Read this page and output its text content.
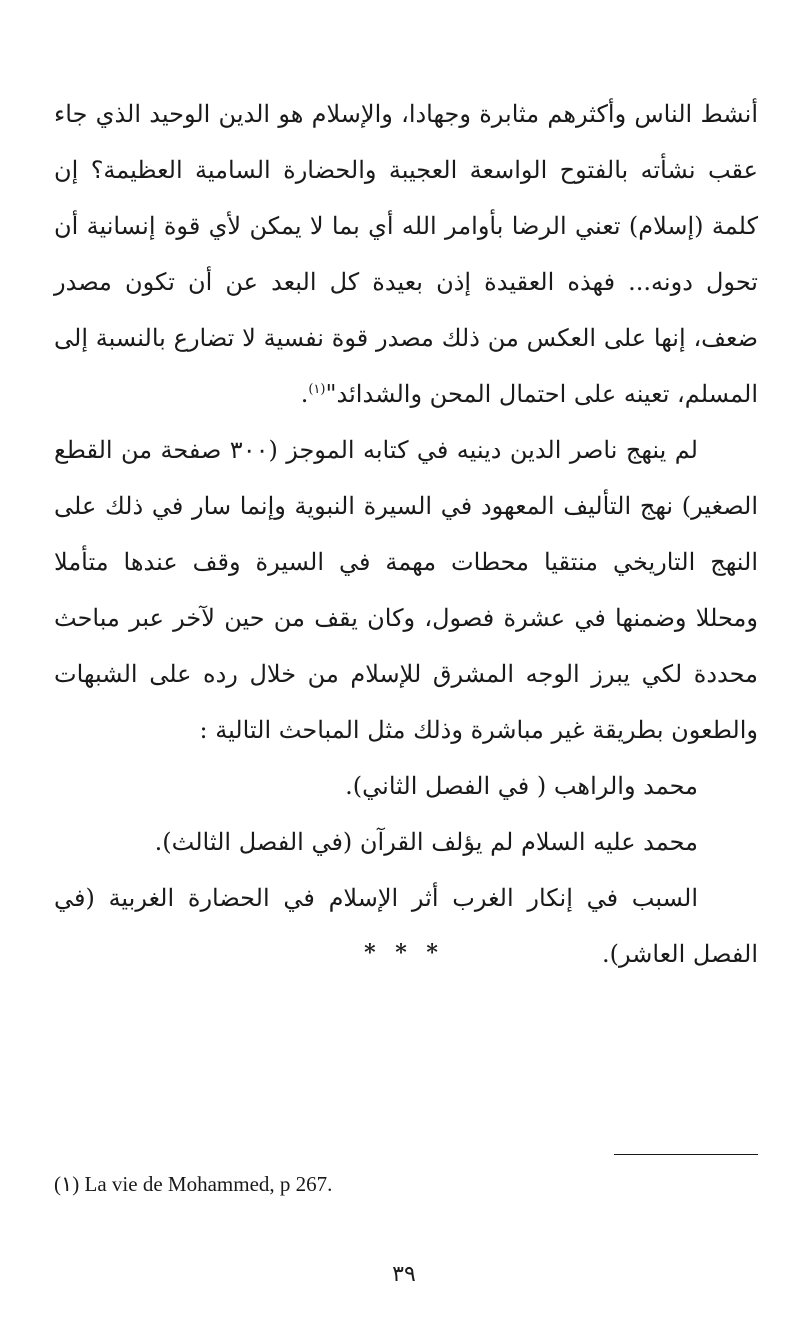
أنشط الناس وأكثرهم مثابرة وجهادا، والإسلام هو الدين الوحيد الذي جاء عقب نشأته بالفتوح الواسعة العجيبة والحضارة السامية العظيمة؟ إن كلمة (إسلام) تعني الرضا بأوامر الله أي بما لا يمكن لأي قوة إنسانية أن تحول دونه... فهذه العقيدة إذن بعيدة كل البعد عن أن تكون مصدر ضعف، إنها على العكس من ذلك مصدر قوة نفسية لا تضارع بالنسبة إلى المسلم، تعينه على احتمال المحن والشدائد"$^{(١)}$.

لم ينهج ناصر الدين دينيه في كتابه الموجز (٣٠٠ صفحة من القطع الصغير) نهج التأليف المعهود في السيرة النبوية وإنما سار في ذلك على النهج التاريخي منتقيا محطات مهمة في السيرة وقف عندها متأملا ومحللا وضمنها في عشرة فصول، وكان يقف من حين لآخر عبر مباحث محددة لكي يبرز الوجه المشرق للإسلام من خلال رده على الشبهات والطعون بطريقة غير مباشرة وذلك مثل المباحث التالية :

محمد والراهب ( في الفصل الثاني).

محمد عليه السلام لم يؤلف القرآن (في الفصل الثالث).

السبب في إنكار الغرب أثر الإسلام في الحضارة الغربية (في الفصل العاشر).

* * *
(١) La vie de Mohammed, p 267.
٣٩
